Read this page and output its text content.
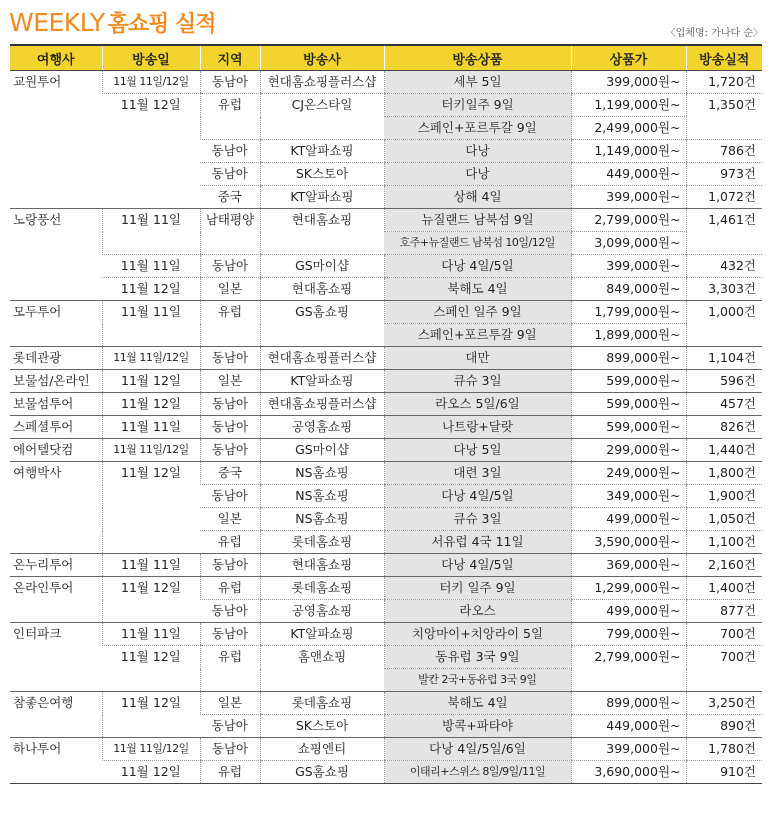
WEEKLY 홈쇼핑 실적	〈업체명: 가나다 순〉
여행사	방송일	지역	방송사	방송상품	상품가	방송실적
교원투어	11월 11일/12일	동남아	현대홈쇼핑플러스샵	세부 5일	399,000원~	1,720건
	11월 12일	유럽	CJ온스타일	터키일주 9일	1,199,000원~	1,350건
				스페인+포르투갈 9일	2,499,000원~	
		동남아	KT알파쇼핑	다낭	1,149,000원~	786건
		동남아	SK스토아	다낭	449,000원~	973건
		중국	KT알파쇼핑	상해 4일	399,000원~	1,072건
노랑풍선	11월 11일	남태평양	현대홈쇼핑	뉴질랜드 남북섬 9일	2,799,000원~	1,461건
				호주+뉴질랜드 남북섬 10일/12일	3,099,000원~	
	11월 11일	동남아	GS마이샵	다낭 4일/5일	399,000원~	432건
	11월 12일	일본	현대홈쇼핑	북해도 4일	849,000원~	3,303건
모두투어	11월 11일	유럽	GS홈쇼핑	스페인 일주 9일	1,799,000원~	1,000건
				스페인+포르투갈 9일	1,899,000원~	
롯데관광	11월 11일/12일	동남아	현대홈쇼핑플러스샵	대만	899,000원~	1,104건
보물섬/온라인	11월 12일	일본	KT알파쇼핑	큐슈 3일	599,000원~	596건
보물섬투어	11월 12일	동남아	현대홈쇼핑플러스샵	라오스 5일/6일	599,000원~	457건
스페셜투어	11월 11일	동남아	공영홈쇼핑	나트랑+달랏	599,000원~	826건
에어텔닷컴	11월 11일/12일	동남아	GS마이샵	다낭 5일	299,000원~	1,440건
여행박사	11월 12일	중국	NS홈쇼핑	대련 3일	249,000원~	1,800건
		동남아	NS홈쇼핑	다낭 4일/5일	349,000원~	1,900건
		일본	NS홈쇼핑	큐슈 3일	499,000원~	1,050건
		유럽	롯데홈쇼핑	서유럽 4국 11일	3,590,000원~	1,100건
온누리투어	11월 11일	동남아	현대홈쇼핑	다낭 4일/5일	369,000원~	2,160건
온라인투어	11월 12일	유럽	롯데홈쇼핑	터키 일주 9일	1,299,000원~	1,400건
		동남아	공영홈쇼핑	라오스	499,000원~	877건
인터파크	11월 11일	동남아	KT알파쇼핑	치앙마이+치앙라이 5일	799,000원~	700건
	11월 12일	유럽	홈앤쇼핑	동유럽 3국 9일	2,799,000원~	700건
				발칸 2국+동유럽 3국 9일		
참좋은여행	11월 12일	일본	롯데홈쇼핑	북해도 4일	899,000원~	3,250건
		동남아	SK스토아	방콕+파타야	449,000원~	890건
하나투어	11월 11일/12일	동남아	쇼핑엔티	다낭 4일/5일/6일	399,000원~	1,780건
	11월 12일	유럽	GS홈쇼핑	이태리+스위스 8일/9일/11일	3,690,000원~	910건
